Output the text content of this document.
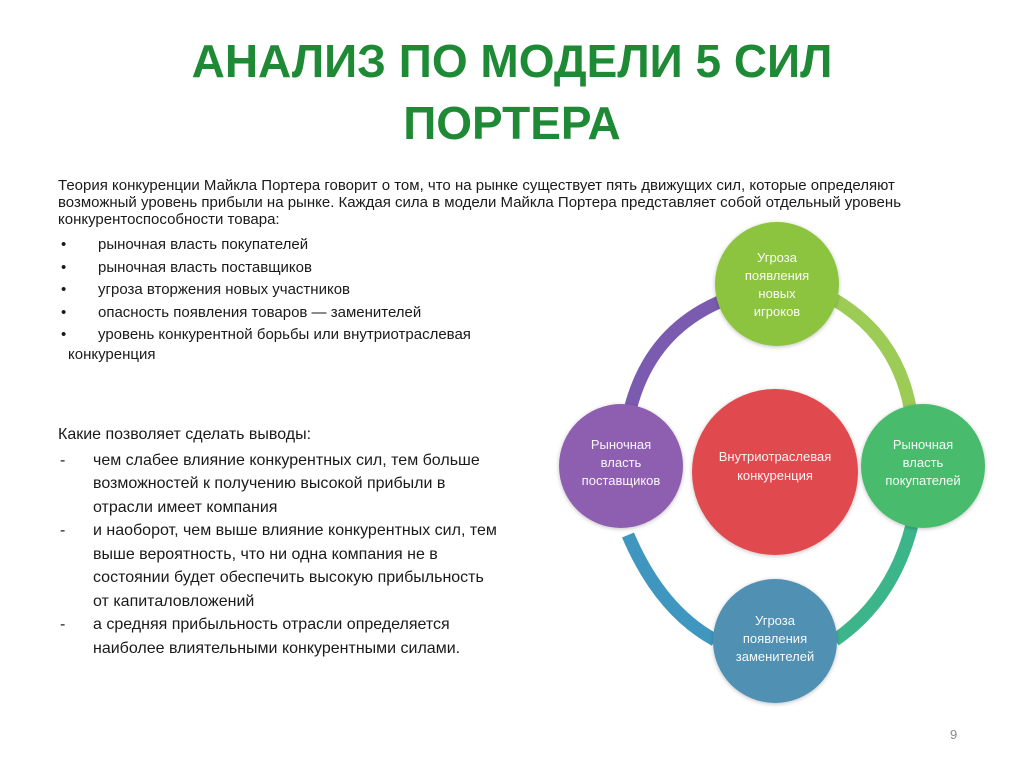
АНАЛИЗ ПО МОДЕЛИ 5 СИЛ
ПОРТЕРА
Теория конкуренции Майкла Портера говорит о том, что на рынке существует пять движущих сил, которые определяют возможный уровень прибыли на рынке. Каждая сила в модели Майкла Портера представляет собой отдельный уровень конкурентоспособности товара:
• рыночная власть покупателей
• рыночная власть поставщиков
• угроза вторжения новых участников
• опасность появления товаров — заменителей
• уровень конкурентной борьбы или внутриотраслевая
конкуренция

Какие позволяет сделать выводы:

- чем слабее влияние конкурентных сил, тем больше возможностей к получению высокой прибыли в отрасли имеет компания
- и наоборот, чем выше влияние конкурентных сил, тем выше вероятность, что ни одна компания не в состоянии будет обеспечить высокую прибыльность от капиталовложений
- а средняя прибыльность отрасли определяется наиболее влиятельными конкурентными силами.
Внутриотраслевая
конкуренция
Угроза
появления
новых
игроков
Рыночная
власть
поставщиков
Рыночная
власть
покупателей
Угроза
появления
заменителей
9
